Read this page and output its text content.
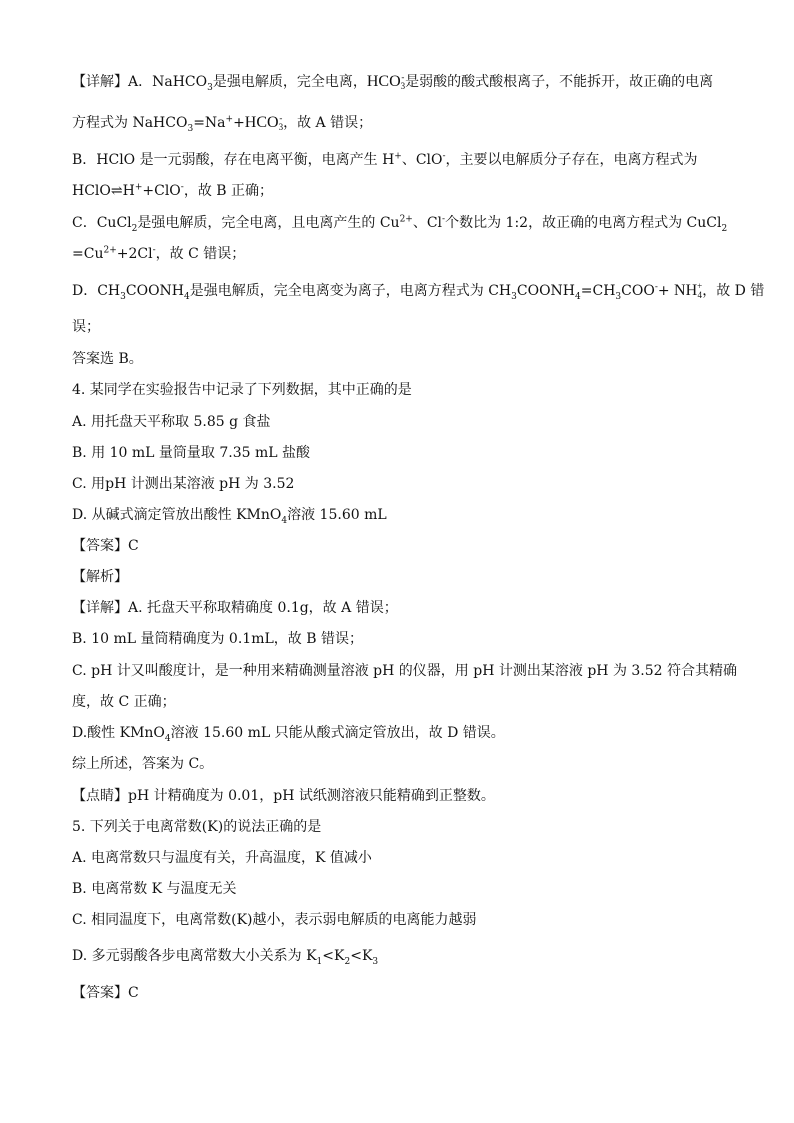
【详解】A．NaHCO$_3$是强电解质，完全电离，HCO -
3 是弱酸的酸式酸根离子，不能拆开，故正确的电离
方程式为 NaHCO$_3$=Na++HCO -
3 ，故 A 错误；
B．HClO 是一元弱酸，存在电离平衡，电离产生 H+、ClO-，主要以电解质分子存在，电离方程式为
HClO⇌H++ClO-，故 B 正确；
C．CuCl$_2$是强电解质，完全电离，且电离产生的 $Cu^{2+}$、Cl-个数比为 1:2，故正确的电离方程式为 CuCl$_2$
$=Cu^{2+}+2Cl^-$，故 C 错误；
D．$CH_3COONH_4$是强电解质，完全电离变为离子，电离方程式为 $CH_3COONH_4=CH_3COO^-+$ NH +
4 ，故 D 错
误；
答案选 B。
4. 某同学在实验报告中记录了下列数据，其中正确的是
A. 用托盘天平称取 5.85 g 食盐
B. 用 10 mL 量筒量取 7.35 mL 盐酸
C. 用pH 计测出某溶液 pH 为 3.52
D. 从碱式滴定管放出酸性 KMnO$_4$溶液 15.60 mL
【答案】C
【解析】
【详解】A. 托盘天平称取精确度 0.1g，故 A 错误；
B. 10 mL 量筒精确度为 0.1mL，故 B 错误；
C. pH 计又叫酸度计，是一种用来精确测量溶液 pH 的仪器，用 pH 计测出某溶液 pH 为 3.52 符合其精确
度，故 C 正确；
D.酸性 KMnO$_4$溶液 15.60 mL 只能从酸式滴定管放出，故 D 错误。
综上所述，答案为 C。
【点睛】pH 计精确度为 0.01，pH 试纸测溶液只能精确到正整数。
5. 下列关于电离常数(K)的说法正确的是
A. 电离常数只与温度有关，升高温度，K 值减小
B. 电离常数 K 与温度无关
C. 相同温度下，电离常数(K)越小，表示弱电解质的电离能力越弱
D. 多元弱酸各步电离常数大小关系为 $K_1<K_2<K_3$
【答案】C
